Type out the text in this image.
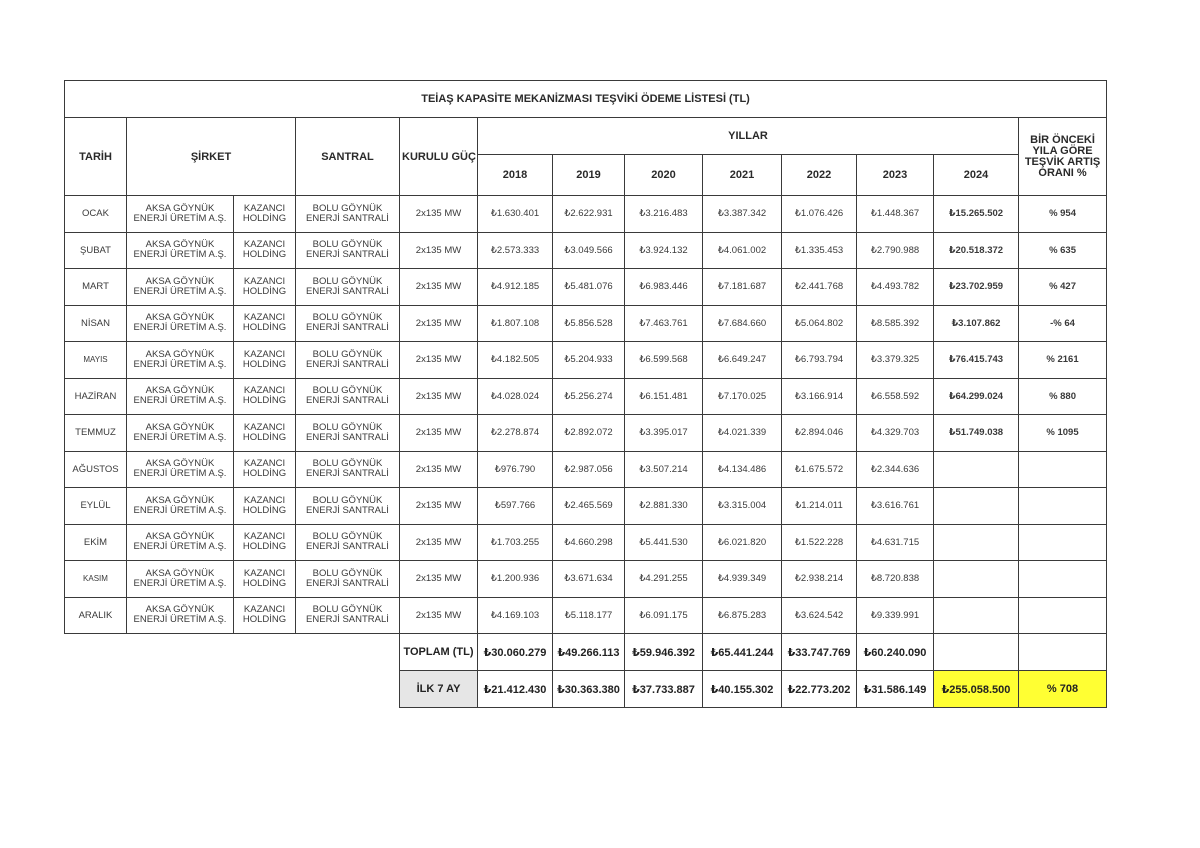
TEİAŞ KAPASİTE MEKANİZMASI TEŞVİKİ ÖDEME LİSTESİ (TL)												
TARİH	ŞİRKET		SANTRAL	KURULU GÜÇ	YILLAR							BİR ÖNCEKİ YILA GÖRE TEŞVİK ARTIŞ ORANI %
					2018	2019	2020	2021	2022	2023	2024	
OCAK	AKSA GÖYNÜK ENERJİ ÜRETİM A.Ş.	KAZANCI HOLDİNG	BOLU GÖYNÜK ENERJİ SANTRALİ	2x135 MW	₺1.630.401	₺2.622.931	₺3.216.483	₺3.387.342	₺1.076.426	₺1.448.367	₺15.265.502	% 954
ŞUBAT	AKSA GÖYNÜK ENERJİ ÜRETİM A.Ş.	KAZANCI HOLDİNG	BOLU GÖYNÜK ENERJİ SANTRALİ	2x135 MW	₺2.573.333	₺3.049.566	₺3.924.132	₺4.061.002	₺1.335.453	₺2.790.988	₺20.518.372	% 635
MART	AKSA GÖYNÜK ENERJİ ÜRETİM A.Ş.	KAZANCI HOLDİNG	BOLU GÖYNÜK ENERJİ SANTRALİ	2x135 MW	₺4.912.185	₺5.481.076	₺6.983.446	₺7.181.687	₺2.441.768	₺4.493.782	₺23.702.959	% 427
NİSAN	AKSA GÖYNÜK ENERJİ ÜRETİM A.Ş.	KAZANCI HOLDİNG	BOLU GÖYNÜK ENERJİ SANTRALİ	2x135 MW	₺1.807.108	₺5.856.528	₺7.463.761	₺7.684.660	₺5.064.802	₺8.585.392	₺3.107.862	-% 64
MAYIS	AKSA GÖYNÜK ENERJİ ÜRETİM A.Ş.	KAZANCI HOLDİNG	BOLU GÖYNÜK ENERJİ SANTRALİ	2x135 MW	₺4.182.505	₺5.204.933	₺6.599.568	₺6.649.247	₺6.793.794	₺3.379.325	₺76.415.743	% 2161
HAZİRAN	AKSA GÖYNÜK ENERJİ ÜRETİM A.Ş.	KAZANCI HOLDİNG	BOLU GÖYNÜK ENERJİ SANTRALİ	2x135 MW	₺4.028.024	₺5.256.274	₺6.151.481	₺7.170.025	₺3.166.914	₺6.558.592	₺64.299.024	% 880
TEMMUZ	AKSA GÖYNÜK ENERJİ ÜRETİM A.Ş.	KAZANCI HOLDİNG	BOLU GÖYNÜK ENERJİ SANTRALİ	2x135 MW	₺2.278.874	₺2.892.072	₺3.395.017	₺4.021.339	₺2.894.046	₺4.329.703	₺51.749.038	% 1095
AĞUSTOS	AKSA GÖYNÜK ENERJİ ÜRETİM A.Ş.	KAZANCI HOLDİNG	BOLU GÖYNÜK ENERJİ SANTRALİ	2x135 MW	₺976.790	₺2.987.056	₺3.507.214	₺4.134.486	₺1.675.572	₺2.344.636		
EYLÜL	AKSA GÖYNÜK ENERJİ ÜRETİM A.Ş.	KAZANCI HOLDİNG	BOLU GÖYNÜK ENERJİ SANTRALİ	2x135 MW	₺597.766	₺2.465.569	₺2.881.330	₺3.315.004	₺1.214.011	₺3.616.761		
EKİM	AKSA GÖYNÜK ENERJİ ÜRETİM A.Ş.	KAZANCI HOLDİNG	BOLU GÖYNÜK ENERJİ SANTRALİ	2x135 MW	₺1.703.255	₺4.660.298	₺5.441.530	₺6.021.820	₺1.522.228	₺4.631.715		
KASIM	AKSA GÖYNÜK ENERJİ ÜRETİM A.Ş.	KAZANCI HOLDİNG	BOLU GÖYNÜK ENERJİ SANTRALİ	2x135 MW	₺1.200.936	₺3.671.634	₺4.291.255	₺4.939.349	₺2.938.214	₺8.720.838		
ARALIK	AKSA GÖYNÜK ENERJİ ÜRETİM A.Ş.	KAZANCI HOLDİNG	BOLU GÖYNÜK ENERJİ SANTRALİ	2x135 MW	₺4.169.103	₺5.118.177	₺6.091.175	₺6.875.283	₺3.624.542	₺9.339.991		
				TOPLAM (TL)	₺30.060.279	₺49.266.113	₺59.946.392	₺65.441.244	₺33.747.769	₺60.240.090		
				İLK 7 AY	₺21.412.430	₺30.363.380	₺37.733.887	₺40.155.302	₺22.773.202	₺31.586.149	₺255.058.500	% 708
